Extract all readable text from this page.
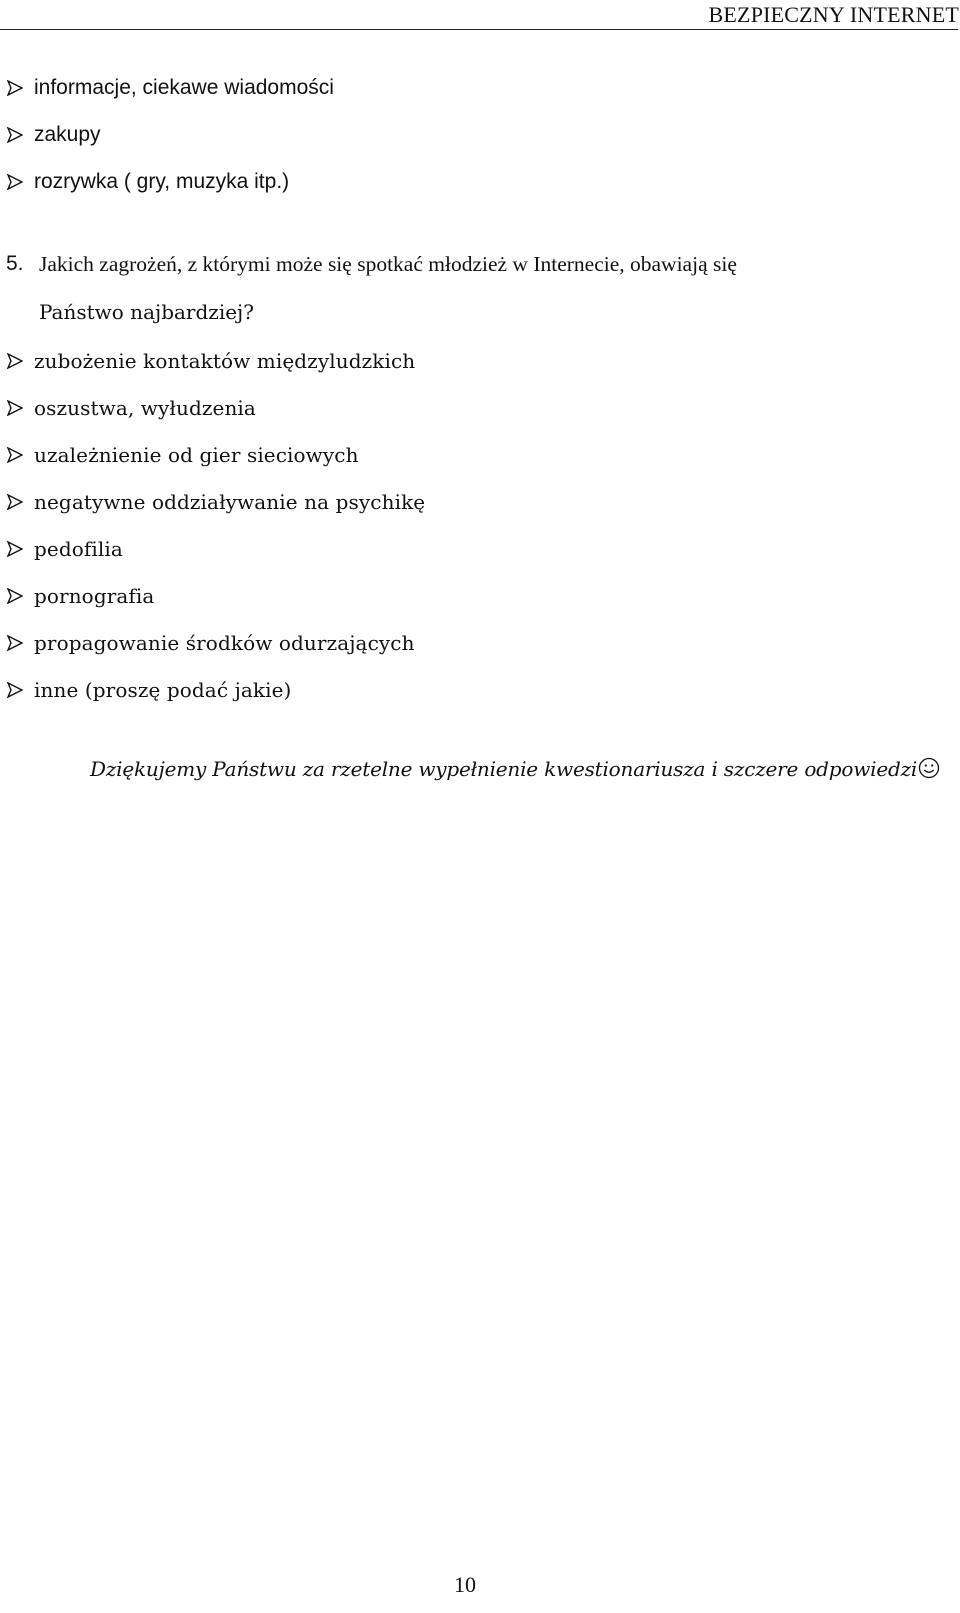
BEZPIECZNY INTERNET
informacje, ciekawe wiadomości
zakupy
rozrywka ( gry, muzyka itp.)
5. Jakich zagrożeń, z którymi może się spotkać młodzież w Internecie, obawiają się
Państwo najbardziej?
zubożenie kontaktów międzyludzkich
oszustwa, wyłudzenia
uzależnienie od gier sieciowych
negatywne oddziaływanie na psychikę
pedofilia
pornografia
propagowanie środków odurzających
inne (proszę podać jakie)
Dziękujemy Państwu za rzetelne wypełnienie kwestionariusza i szczere odpowiedzi
10
